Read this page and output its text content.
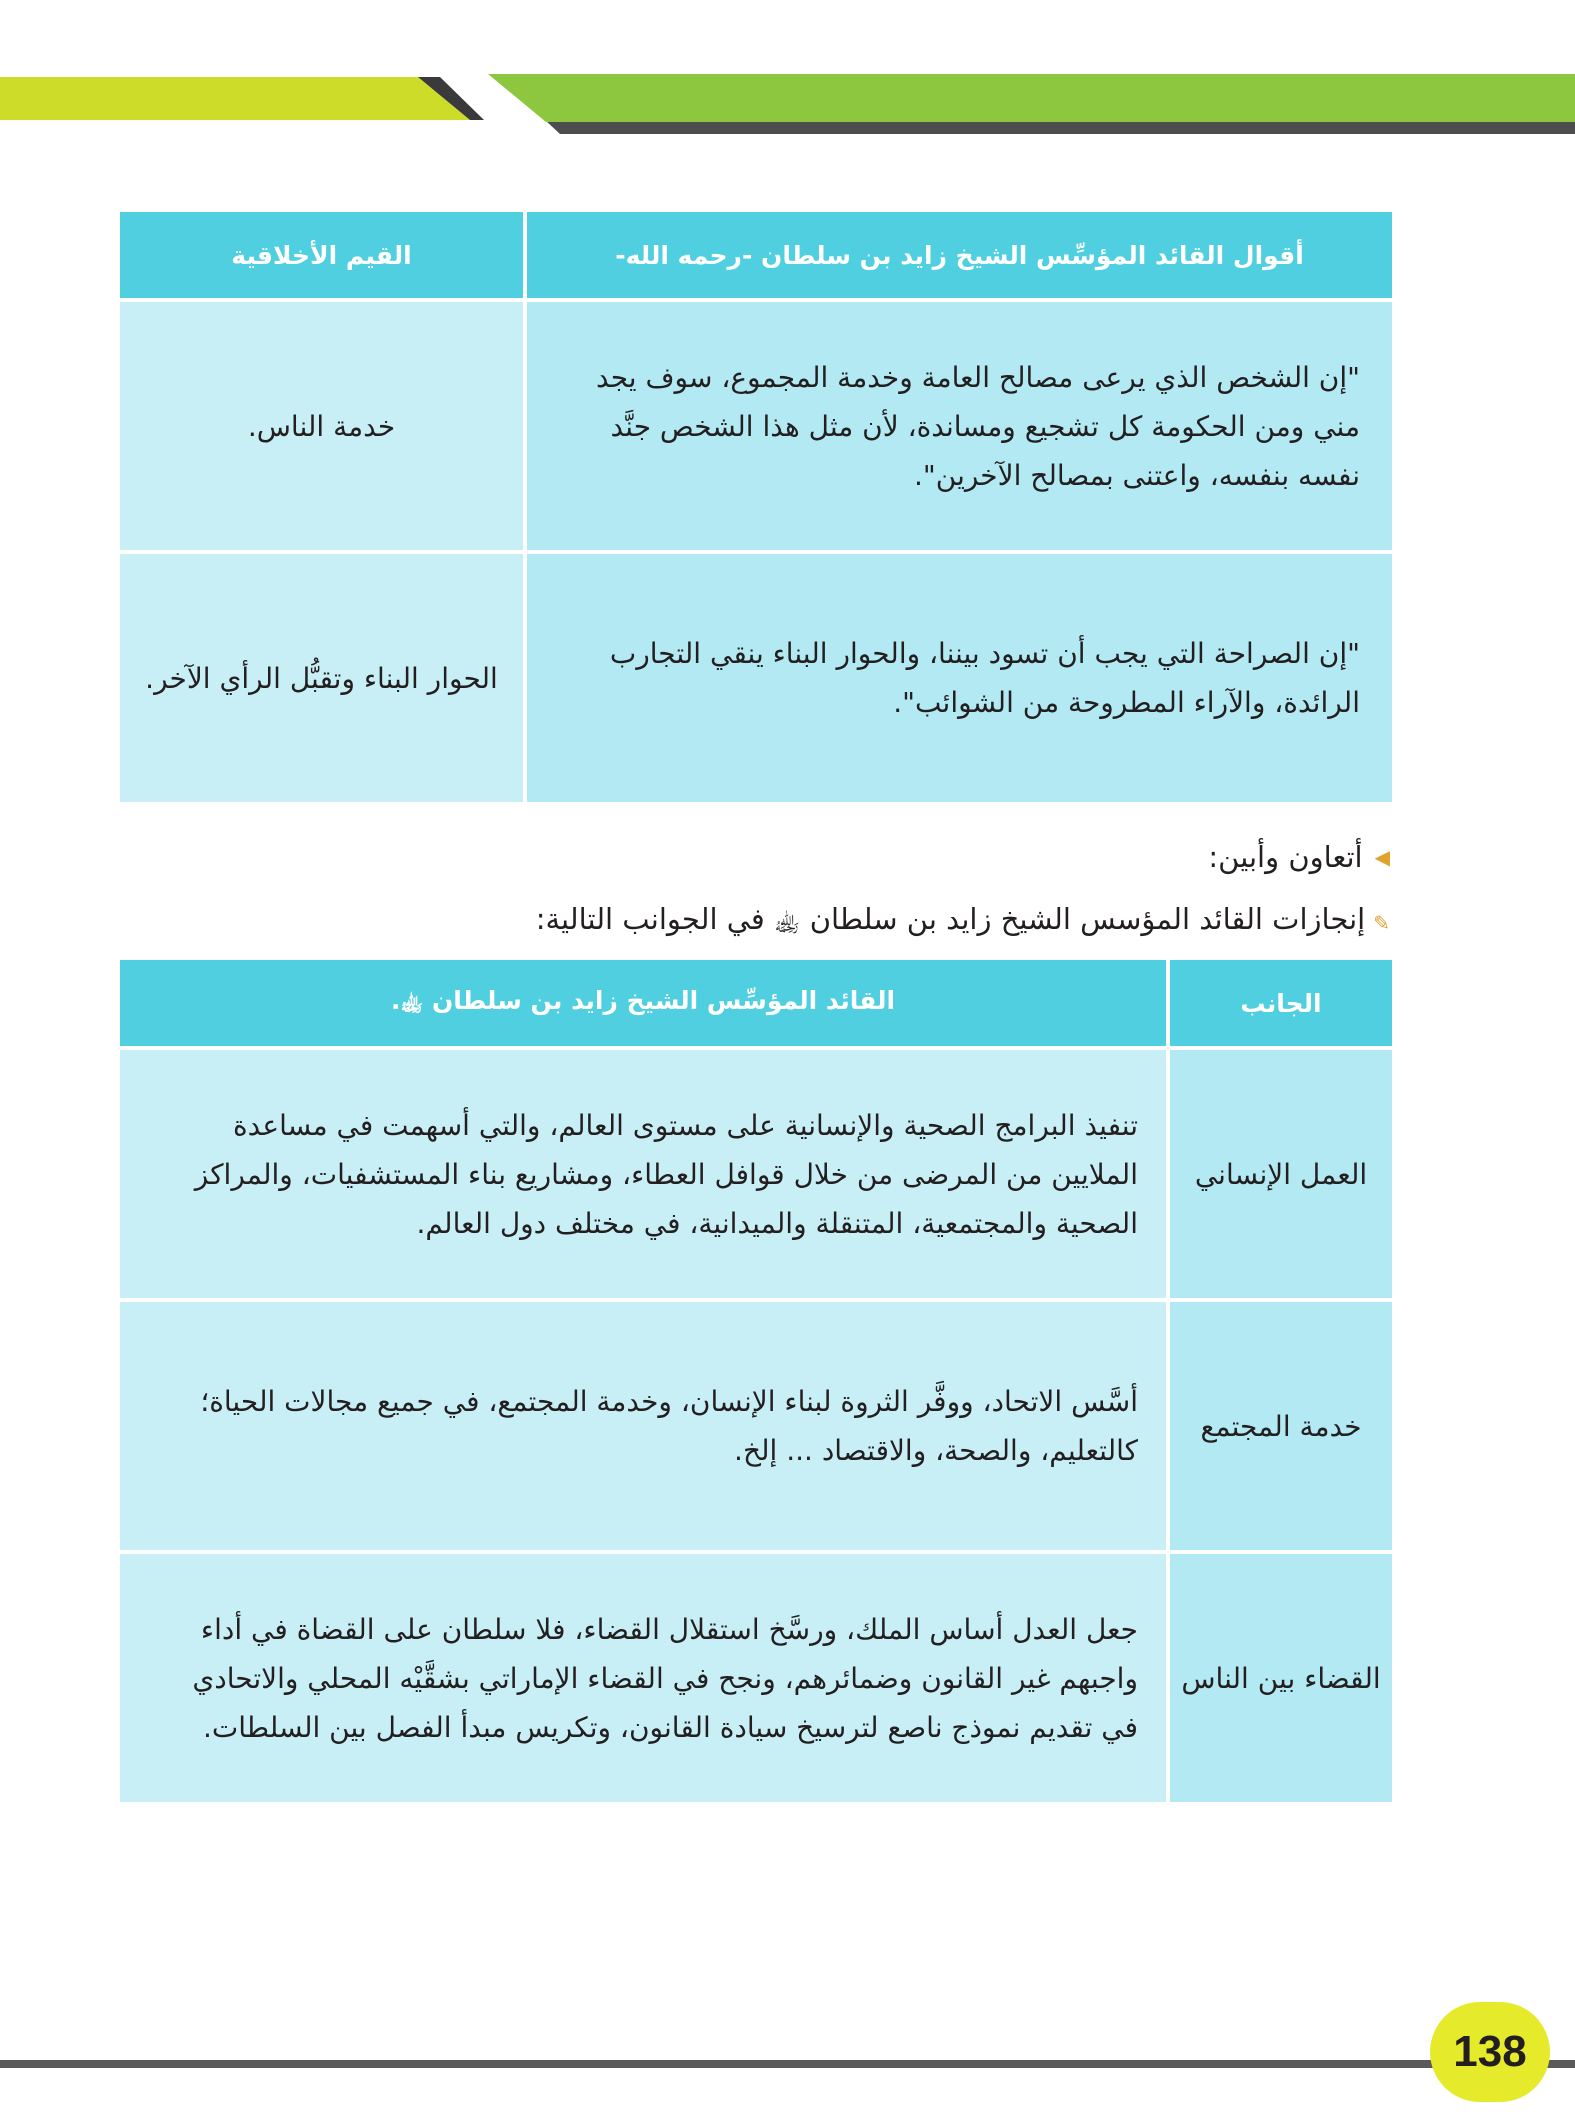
أقوال القائد المؤسِّس الشيخ زايد بن سلطان -رحمه الله-	القيم الأخلاقية
"إن الشخص الذي يرعى مصالح العامة وخدمة المجموع، سوف يجد مني ومن الحكومة كل تشجيع ومساندة، لأن مثل هذا الشخص جنَّد نفسه بنفسه، واعتنى بمصالح الآخرين".	خدمة الناس.
"إن الصراحة التي يجب أن تسود بيننا، والحوار البناء ينقي التجارب الرائدة، والآراء المطروحة من الشوائب".	الحوار البناء وتقبُّل الرأي الآخر.
◀
أتعاون وأبين:
✎
إنجازات القائد المؤسس الشيخ زايد بن سلطان ﵀ في الجوانب التالية:
الجانب	القائد المؤسِّس الشيخ زايد بن سلطان ﵀.
العمل الإنساني	تنفيذ البرامج الصحية والإنسانية على مستوى العالم، والتي أسهمت في مساعدة الملايين من المرضى من خلال قوافل العطاء، ومشاريع بناء المستشفيات، والمراكز الصحية والمجتمعية، المتنقلة والميدانية، في مختلف دول العالم.
خدمة المجتمع	أسَّس الاتحاد، ووفَّر الثروة لبناء الإنسان، وخدمة المجتمع، في جميع مجالات الحياة؛ كالتعليم، والصحة، والاقتصاد ... إلخ.
القضاء بين الناس	جعل العدل أساس الملك، ورسَّخ استقلال القضاء، فلا سلطان على القضاة في أداء واجبهم غير القانون وضمائرهم، ونجح في القضاء الإماراتي بشقَّيْه المحلي والاتحادي في تقديم نموذج ناصع لترسيخ سيادة القانون، وتكريس مبدأ الفصل بين السلطات.
138
